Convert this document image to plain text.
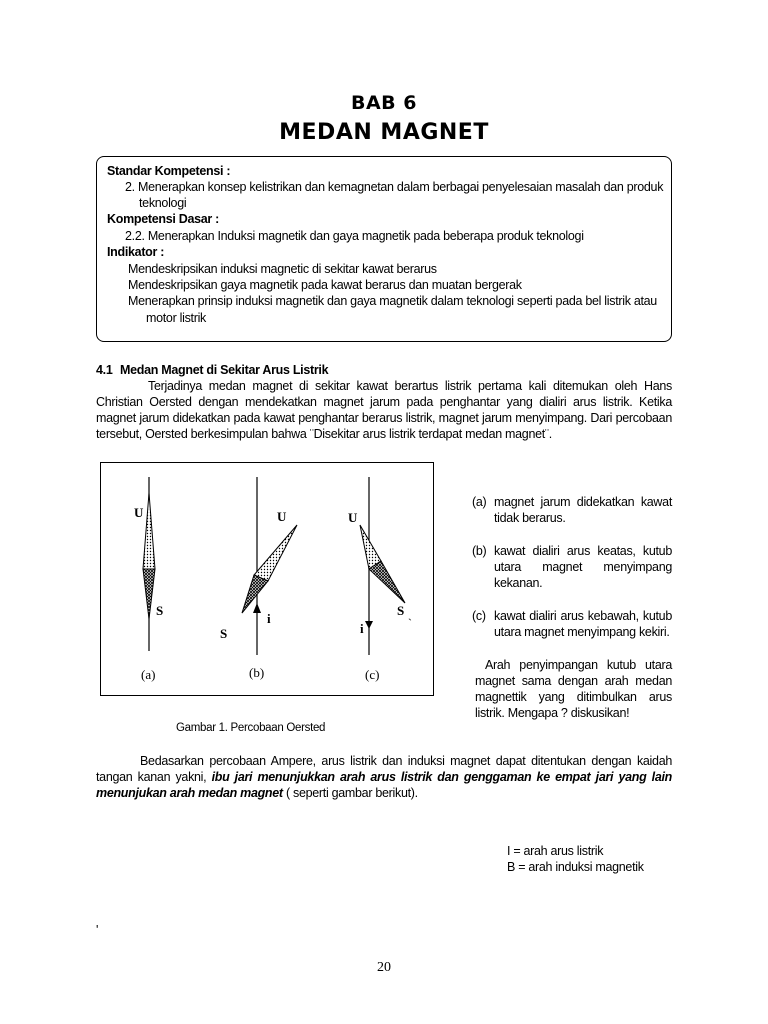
BAB 6
MEDAN MAGNET
Standar Kompetensi :
2. Menerapkan konsep kelistrikan dan kemagnetan dalam berbagai penyelesaian masalah dan produk
teknologi
Kompetensi Dasar :
2.2. Menerapkan Induksi magnetik dan gaya magnetik pada beberapa produk teknologi
Indikator :
Mendeskripsikan induksi magnetic di sekitar kawat berarus
Mendeskripsikan gaya magnetik pada kawat berarus dan muatan bergerak
Menerapkan prinsip induksi magnetik dan gaya magnetik dalam teknologi seperti pada bel listrik atau
motor listrik
4.1 Medan Magnet di Sekitar Arus Listrik
Terjadinya medan magnet di sekitar kawat berartus listrik pertama kali ditemukan oleh Hans Christian Oersted dengan mendekatkan magnet jarum pada penghantar yang dialiri arus listrik. Ketika magnet jarum didekatkan pada kawat penghantar berarus listrik, magnet jarum menyimpang. Dari percobaan tersebut, Oersted berkesimpulan bahwa ¨Disekitar arus listrik terdapat medan magnet¨.
U
S
(a)
U
S
i
(b)
U
S
`
i
(c)
Gambar 1. Percobaan Oersted
(a) magnet jarum didekatkan kawat
tidak berarus.
(b) kawat dialiri arus keatas, kutub
utara magnet menyimpang
kekanan.
(c) kawat dialiri arus kebawah, kutub
utara magnet menyimpang kekiri.
Arah penyimpangan kutub utara magnet sama dengan arah medan magnettik yang ditimbulkan arus listrik. Mengapa ? diskusikan!
Bedasarkan percobaan Ampere, arus listrik dan induksi magnet dapat ditentukan dengan kaidah tangan kanan yakni, ibu jari menunjukkan arah arus listrik dan genggaman ke empat jari yang lain menunjukan arah medan magnet ( seperti gambar berikut).
I = arah arus listrik
B = arah induksi magnetik
'
20
